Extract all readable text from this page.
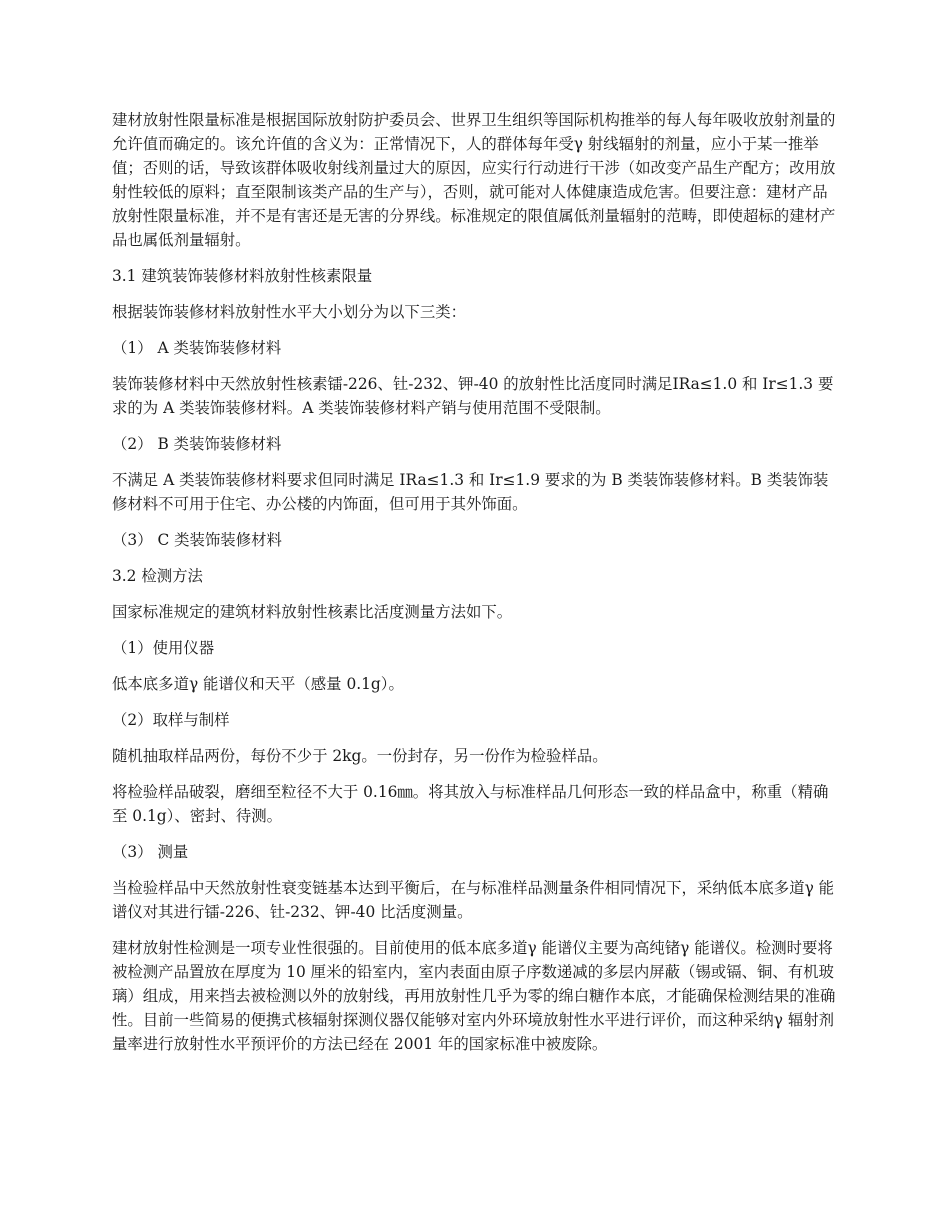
建材放射性限量标准是根据国际放射防护委员会、世界卫生组织等国际机构推举的每人每年吸收放射剂量的允许值而确定的。该允许值的含义为：正常情况下，人的群体每年受γ 射线辐射的剂量，应小于某一推举值；否则的话，导致该群体吸收射线剂量过大的原因，应实行行动进行干涉（如改变产品生产配方；改用放射性较低的原料；直至限制该类产品的生产与），否则，就可能对人体健康造成危害。但要注意：建材产品放射性限量标准，并不是有害还是无害的分界线。标准规定的限值属低剂量辐射的范畴，即使超标的建材产品也属低剂量辐射。

3.1 建筑装饰装修材料放射性核素限量

根据装饰装修材料放射性水平大小划分为以下三类：

（1） A 类装饰装修材料

装饰装修材料中天然放射性核素镭-226、钍-232、钾-40 的放射性比活度同时满足IRa≤1.0 和 Ir≤1.3 要求的为 A 类装饰装修材料。A 类装饰装修材料产销与使用范围不受限制。

（2） B 类装饰装修材料

不满足 A 类装饰装修材料要求但同时满足 IRa≤1.3 和 Ir≤1.9 要求的为 B 类装饰装修材料。B 类装饰装修材料不可用于住宅、办公楼的内饰面，但可用于其外饰面。

（3） C 类装饰装修材料

3.2 检测方法

国家标准规定的建筑材料放射性核素比活度测量方法如下。

（1）使用仪器

低本底多道γ 能谱仪和天平（感量 0.1g）。

（2）取样与制样

随机抽取样品两份，每份不少于 2kg。一份封存，另一份作为检验样品。

将检验样品破裂，磨细至粒径不大于 0.16㎜。将其放入与标准样品几何形态一致的样品盒中，称重（精确至 0.1g）、密封、待测。

（3） 测量

当检验样品中天然放射性衰变链基本达到平衡后，在与标准样品测量条件相同情况下，采纳低本底多道γ 能谱仪对其进行镭-226、钍-232、钾-40 比活度测量。

建材放射性检测是一项专业性很强的。目前使用的低本底多道γ 能谱仪主要为高纯锗γ 能谱仪。检测时要将被检测产品置放在厚度为 10 厘米的铅室内，室内表面由原子序数递减的多层内屏蔽（锡或镉、铜、有机玻璃）组成，用来挡去被检测以外的放射线，再用放射性几乎为零的绵白糖作本底，才能确保检测结果的准确性。目前一些简易的便携式核辐射探测仪器仅能够对室内外环境放射性水平进行评价，而这种采纳γ 辐射剂量率进行放射性水平预评价的方法已经在 2001 年的国家标准中被废除。
